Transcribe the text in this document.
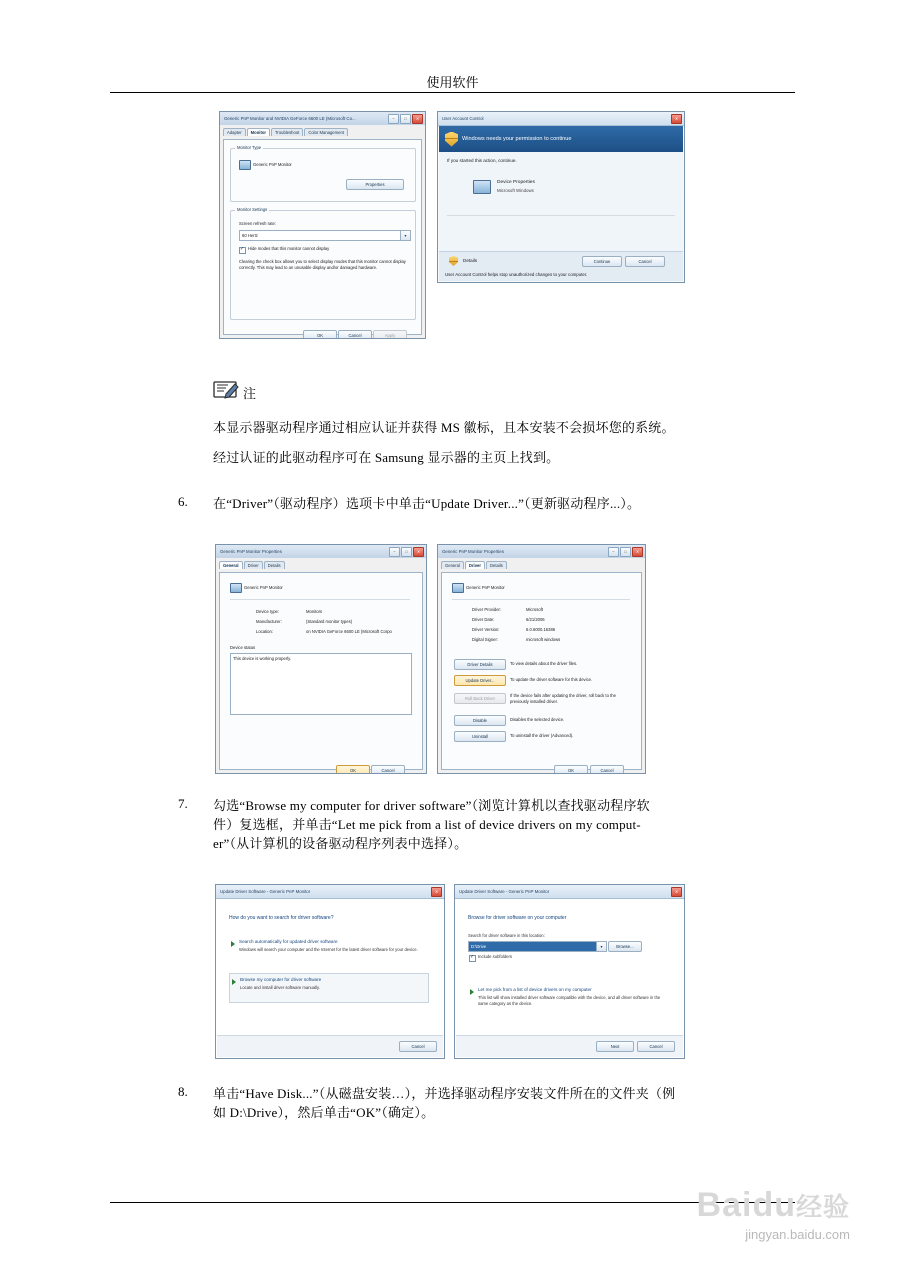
使用软件
Generic PnP Monitor and NVIDIA GeForce 6600 LE (Microsoft Co...	−	□	✕
Adapter	Monitor	Troubleshoot	Color Management
Monitor Type
Generic PnP Monitor
Properties
Monitor Settings
Screen refresh rate:
60 Hertz	▾
✓
Hide modes that this monitor cannot display
Clearing the check box allows you to select display modes that this monitor cannot display correctly. This may lead to an unusable display and/or damaged hardware.
OK	Cancel	Apply
User Account Control	✕
Windows needs your permission to continue
If you started this action, continue.
Device Properties
Microsoft Windows
Details	Continue	Cancel
User Account Control helps stop unauthorized changes to your computer.
注
本显示器驱动程序通过相应认证并获得 MS 徽标，且本安装不会损坏您的系统。
经过认证的此驱动程序可在 Samsung 显示器的主页上找到。
6. 在“Driver”（驱动程序）选项卡中单击“Update Driver...”（更新驱动程序...）。
Generic PnP Monitor Properties	−	□	✕
General	Driver	Details
Generic PnP Monitor
Device type:	Monitors
Manufacturer:	(Standard monitor types)
Location:	on NVIDIA GeForce 6600 LE (Microsoft Corpo
Device status
This device is working properly.
OK	Cancel
Generic PnP Monitor Properties	−	□	✕
General	Driver	Details
Generic PnP Monitor
Driver Provider:	Microsoft
Driver Date:	6/21/2006
Driver Version:	6.0.6000.16386
Digital Signer:	microsoft windows
Driver Details	To view details about the driver files.
Update Driver...	To update the driver software for this device.
Roll Back Driver
If the device fails after updating the driver, roll back to the previously installed driver.
Disable	Disables the selected device.
Uninstall	To uninstall the driver (Advanced).
OK	Cancel
7. 勾选“Browse my computer for driver software”（浏览计算机以查找驱动程序软
件）复选框，并单击“Let me pick from a list of device drivers on my comput-
er”（从计算机的设备驱动程序列表中选择）。
Update Driver Software - Generic PnP Monitor	✕
How do you want to search for driver software?
Search automatically for updated driver software
Windows will search your computer and the Internet for the latest driver software for your device.
Browse my computer for driver software
Locate and install driver software manually.
Cancel
Update Driver Software - Generic PnP Monitor	✕
Browse for driver software on your computer
Search for driver software in this location:
D:\Drive	▾	Browse...
✓
Include subfolders
Let me pick from a list of device drivers on my computer
This list will show installed driver software compatible with the device, and all driver software in the same category as the device.
Next	Cancel
8. 单击“Have Disk...”（从磁盘安装…），并选择驱动程序安装文件所在的文件夹（例
如 D:\Drive），然后单击“OK”（确定）。
Baidu经验
jingyan.baidu.com
